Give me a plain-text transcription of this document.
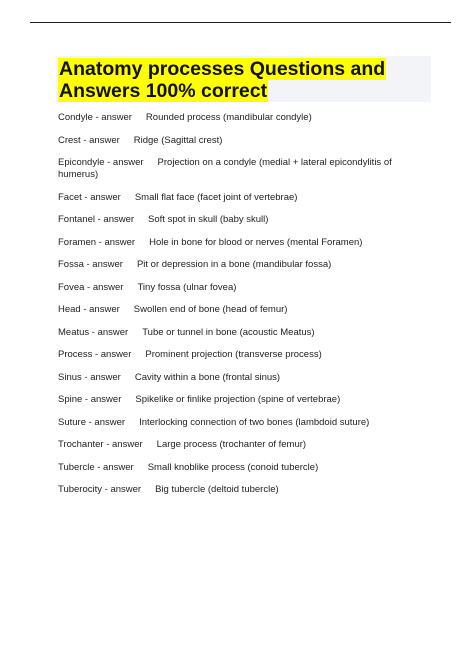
Anatomy processes Questions and
Answers 100% correct
Condyle - answer Rounded process (mandibular condyle)
Crest - answer Ridge (Sagittal crest)
Epicondyle - answer Projection on a condyle (medial + lateral epicondylitis of humerus)
Facet - answer Small flat face (facet joint of vertebrae)
Fontanel - answer Soft spot in skull (baby skull)
Foramen - answer Hole in bone for blood or nerves (mental Foramen)
Fossa - answer Pit or depression in a bone (mandibular fossa)
Fovea - answer Tiny fossa (ulnar fovea)
Head - answer Swollen end of bone (head of femur)
Meatus - answer Tube or tunnel in bone (acoustic Meatus)
Process - answer Prominent projection (transverse process)
Sinus - answer Cavity within a bone (frontal sinus)
Spine - answer Spikelike or finlike projection (spine of vertebrae)
Suture - answer Interlocking connection of two bones (lambdoid suture)
Trochanter - answer Large process (trochanter of femur)
Tubercle - answer Small knoblike process (conoid tubercle)
Tuberocity - answer Big tubercle (deltoid tubercle)
